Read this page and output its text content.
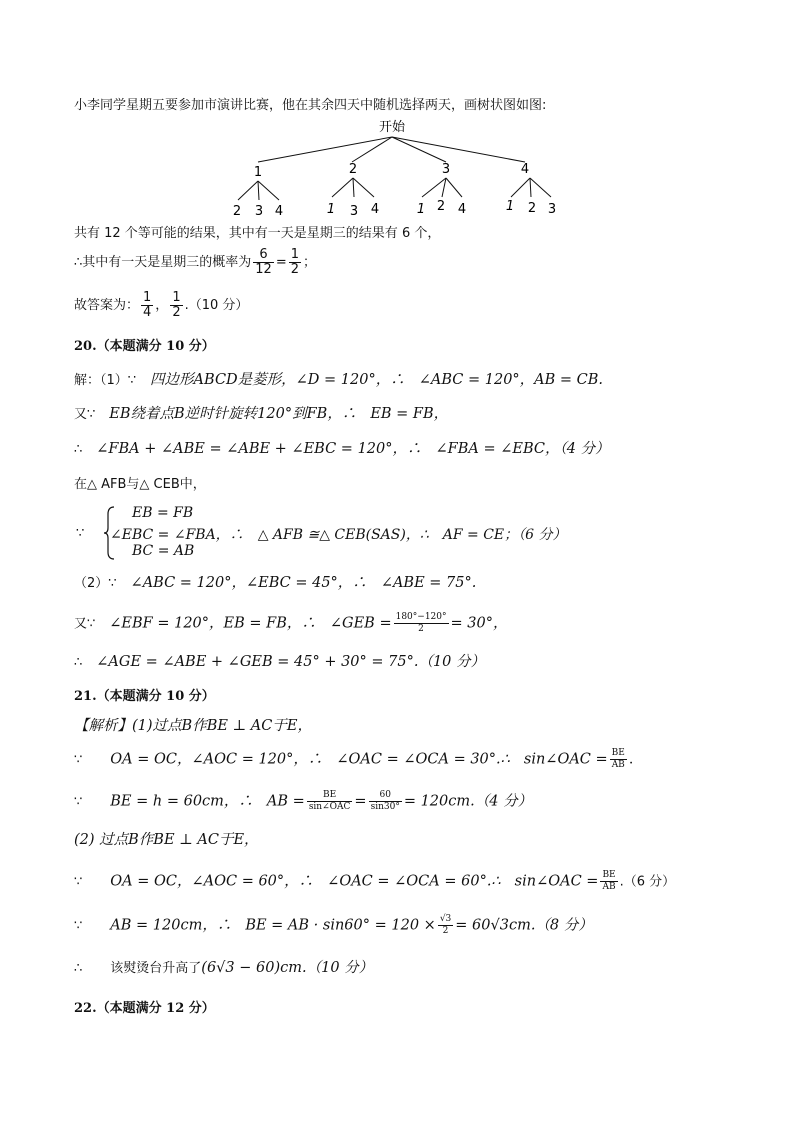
小李同学星期五要参加市演讲比赛，他在其余四天中随机选择两天，画树状图如图:
开始
1	2	3	4
2 3 4	1 3 4	1 2 4	1 2 3
共有 12 个等可能的结果，其中有一天是星期三的结果有 6 个，
∴其中有一天是星期三的概率为 $\frac{6}{12} = \frac{1}{2}$ ；
故答案为： $\frac{1}{4}$ ， $\frac{1}{2} .(10$ 分）
20.（本题满分 10 分）
解：（1）∵ 四边形ABCD是菱形，∠D = 120°，∴ ∠ABC = 120°，AB = CB.
又∵ EB绕着点B逆时针旋转120°到FB，∴ EB = FB，
∴ ∠FBA + ∠ABE = ∠ABE + ∠EBC = 120°，∴ ∠FBA = ∠EBC，（4 分）
在△ AFB与△ CEB中，
∵
EB = FB
∠EBC = ∠FBA，∴ △ AFB ≅△ CEB(SAS)，∴ AF = CE；（6 分）
BC = AB
（2）∵ ∠ABC = 120°，∠EBC = 45°，∴ ∠ABE = 75°.
又∵ ∠EBF = 120°，EB = FB，∴ ∠GEB = $\frac{180^\circ-120^\circ}{2} = 30^\circ$，
∴ ∠AGE = ∠ABE + ∠GEB = 45° + 30° = 75°.（10 分）
21.（本题满分 10 分）
【解析】(1)过点B作BE ⊥ AC于E，
∵ OA = OC，∠AOC = 120°，∴ ∠OAC = ∠OCA = 30°.∴ sin∠OAC = $\frac{BE}{AB}$ .
∵ BE = h = 60cm，∴ AB = $\frac{BE}{\text{sin∠OAC}} = \frac{60}{\sin 30^\circ} = 120cm.(4$ 分）
(2) 过点B作BE ⊥ AC于E，
∵ OA = OC，∠AOC = 60°，∴ ∠OAC = ∠OCA = 60°.∴ sin∠OAC = $\frac{BE}{AB} .(6$ 分）
∵ AB = 120cm，∴ BE = AB · $\sin 60^\circ = 120 \times \frac{√3}{2} = 60√3cm.(8$ 分）
∴ 该熨烫台升高了(6√3 − 60)cm.（10 分）
22.（本题满分 12 分）
